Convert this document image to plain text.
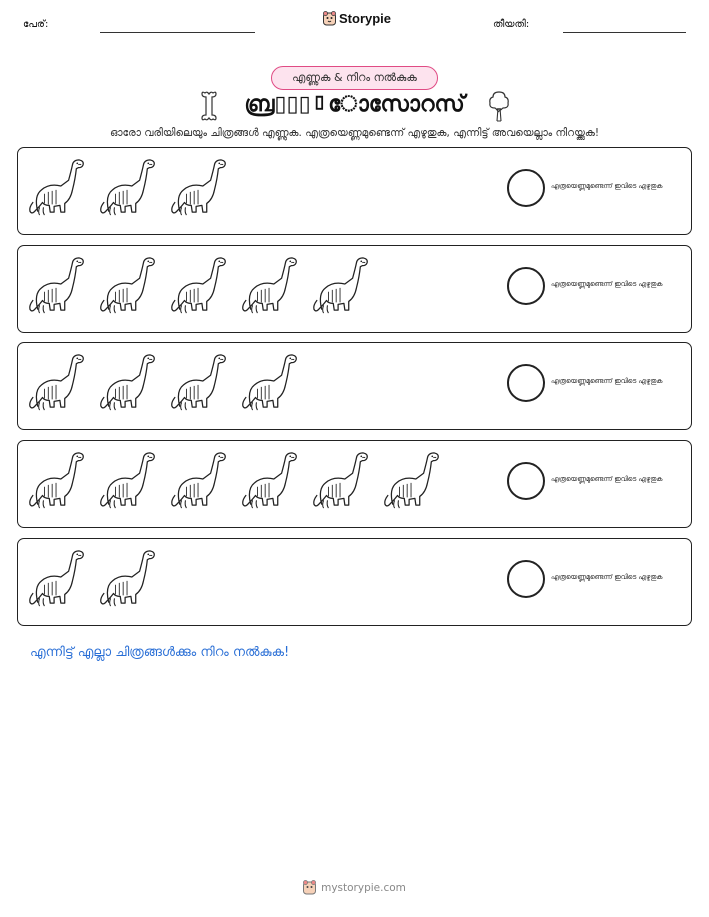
പേര്:	Storypie	തീയതി:
എണ്ണുക & നിറം നൽകുക
ബ്ര▯▯▯▯ോസോറസ്
ഓരോ വരിയിലെയും ചിത്രങ്ങൾ എണ്ണുക. എത്രയെണ്ണമുണ്ടെന്ന് എഴുതുക, എന്നിട്ട് അവയെല്ലാം നിറയ്ക്കുക!
എത്രയെണ്ണമുണ്ടെന്ന് ഇവിടെ എഴുതുക
എത്രയെണ്ണമുണ്ടെന്ന് ഇവിടെ എഴുതുക
എത്രയെണ്ണമുണ്ടെന്ന് ഇവിടെ എഴുതുക
എത്രയെണ്ണമുണ്ടെന്ന് ഇവിടെ എഴുതുക
എത്രയെണ്ണമുണ്ടെന്ന് ഇവിടെ എഴുതുക
എന്നിട്ട് എല്ലാ ചിത്രങ്ങൾക്കും നിറം നൽകുക!
mystorypie.com
